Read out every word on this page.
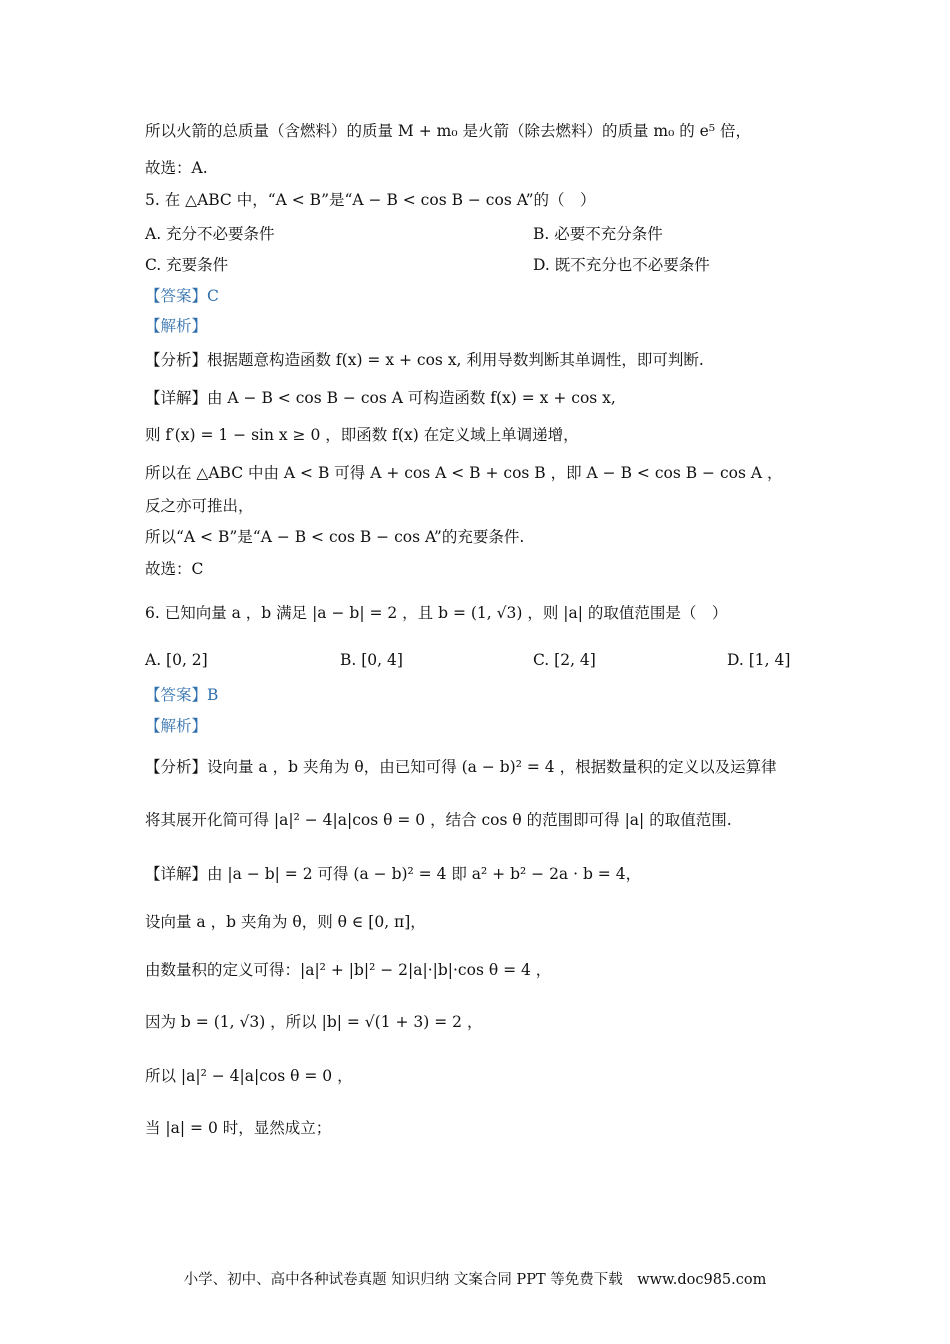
所以火箭的总质量（含燃料）的质量 M + m₀ 是火箭（除去燃料）的质量 m₀ 的 e⁵ 倍，
故选：A.
5. 在 △ABC 中，“A < B”是“A − B < cos B − cos A”的（　）
A. 充分不必要条件	B. 必要不充分条件
C. 充要条件	D. 既不充分也不必要条件
【答案】C
【解析】
【分析】根据题意构造函数 f(x) = x + cos x, 利用导数判断其单调性，即可判断.
【详解】由 A − B < cos B − cos A 可构造函数 f(x) = x + cos x,
则 f′(x) = 1 − sin x ≥ 0 ，即函数 f(x) 在定义域上单调递增，
所以在 △ABC 中由 A < B 可得 A + cos A < B + cos B ，即 A − B < cos B − cos A ，
反之亦可推出，
所以“A < B”是“A − B < cos B − cos A”的充要条件.
故选：C
6. 已知向量 a ，b 满足 |a − b| = 2 ，且 b = (1, √3) ，则 |a| 的取值范围是（　）
A. [0, 2]	B. [0, 4]	C. [2, 4]	D. [1, 4]
【答案】B
【解析】
【分析】设向量 a ，b 夹角为 θ，由已知可得 (a − b)² = 4 ，根据数量积的定义以及运算律
将其展开化简可得 |a|² − 4|a|cos θ = 0 ，结合 cos θ 的范围即可得 |a| 的取值范围.
【详解】由 |a − b| = 2 可得 (a − b)² = 4 即 a² + b² − 2a · b = 4，
设向量 a ，b 夹角为 θ，则 θ ∈ [0, π]，
由数量积的定义可得：|a|² + |b|² − 2|a|·|b|·cos θ = 4 ，
因为 b = (1, √3) ，所以 |b| = √(1 + 3) = 2 ，
所以 |a|² − 4|a|cos θ = 0 ，
当 |a| = 0 时，显然成立；
小学、初中、高中各种试卷真题 知识归纳 文案合同 PPT 等免费下载　www.doc985.com
